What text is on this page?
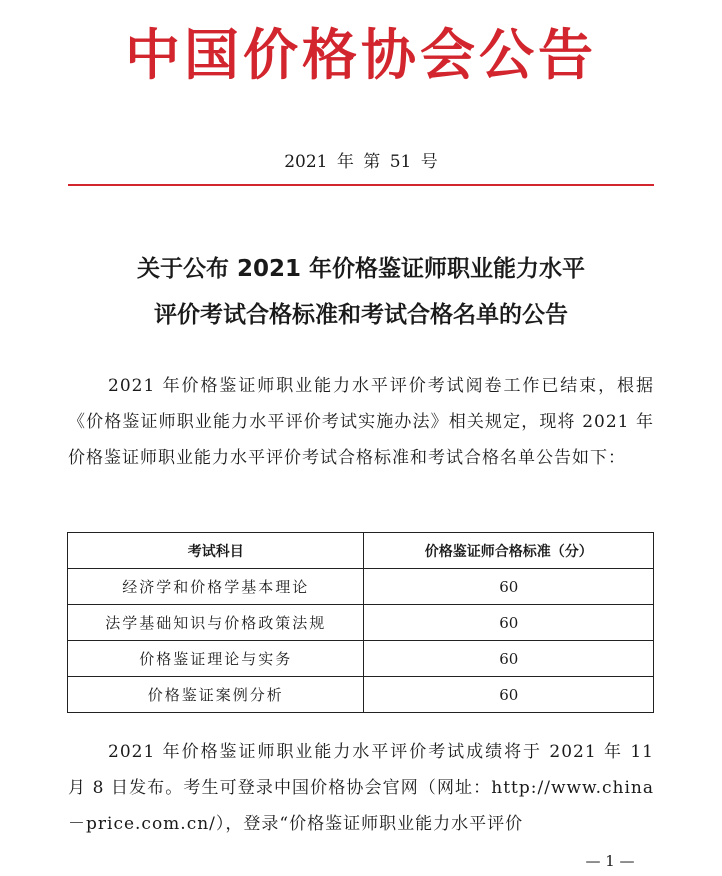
中国价格协会公告
2021 年 第 51 号
关于公布 2021 年价格鉴证师职业能力水平
评价考试合格标准和考试合格名单的公告
2021 年价格鉴证师职业能力水平评价考试阅卷工作已结束，根据《价格鉴证师职业能力水平评价考试实施办法》相关规定，现将 2021 年价格鉴证师职业能力水平评价考试合格标准和考试合格名单公告如下：
考试科目	价格鉴证师合格标准（分）
经济学和价格学基本理论	60
法学基础知识与价格政策法规	60
价格鉴证理论与实务	60
价格鉴证案例分析	60
2021 年价格鉴证师职业能力水平评价考试成绩将于 2021 年 11 月 8 日发布。考生可登录中国价格协会官网（网址：http://www.china－price.com.cn/），登录“价格鉴证师职业能力水平评价
— 1 —
